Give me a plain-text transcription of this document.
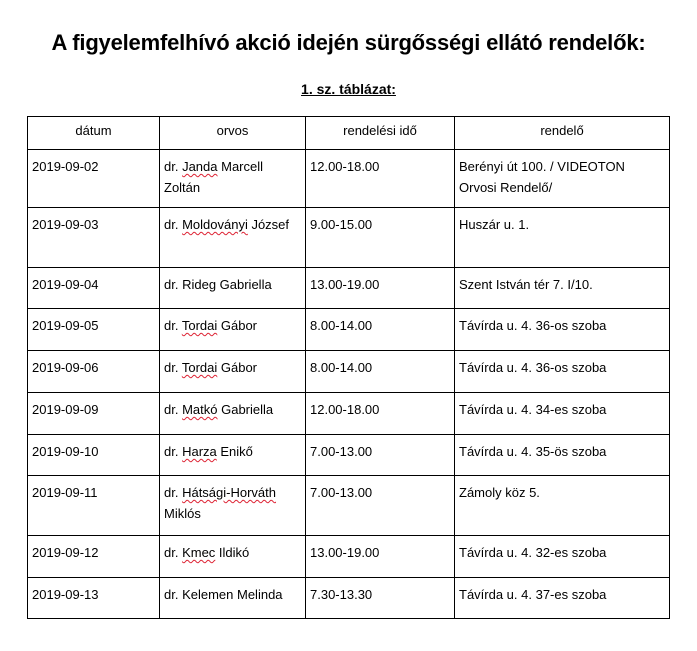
A figyelemfelhívó akció idején sürgősségi ellátó rendelők:
1. sz. táblázat:
dátum	orvos	rendelési idő	rendelő
2019-09-02	dr. Janda Marcell Zoltán	12.00-18.00	Berényi út 100. / VIDEOTON Orvosi Rendelő/
2019-09-03	dr. Moldoványi József	9.00-15.00	Huszár u. 1.
2019-09-04	dr. Rideg Gabriella	13.00-19.00	Szent István tér 7. I/10.
2019-09-05	dr. Tordai Gábor	8.00-14.00	Távírda u. 4. 36-os szoba
2019-09-06	dr. Tordai Gábor	8.00-14.00	Távírda u. 4. 36-os szoba
2019-09-09	dr. Matkó Gabriella	12.00-18.00	Távírda u. 4. 34-es szoba
2019-09-10	dr. Harza Enikő	7.00-13.00	Távírda u. 4. 35-ös szoba
2019-09-11	dr. Hátsági-Horváth Miklós	7.00-13.00	Zámoly köz 5.
2019-09-12	dr. Kmec Ildikó	13.00-19.00	Távírda u. 4. 32-es szoba
2019-09-13	dr. Kelemen Melinda	7.30-13.30	Távírda u. 4. 37-es szoba
